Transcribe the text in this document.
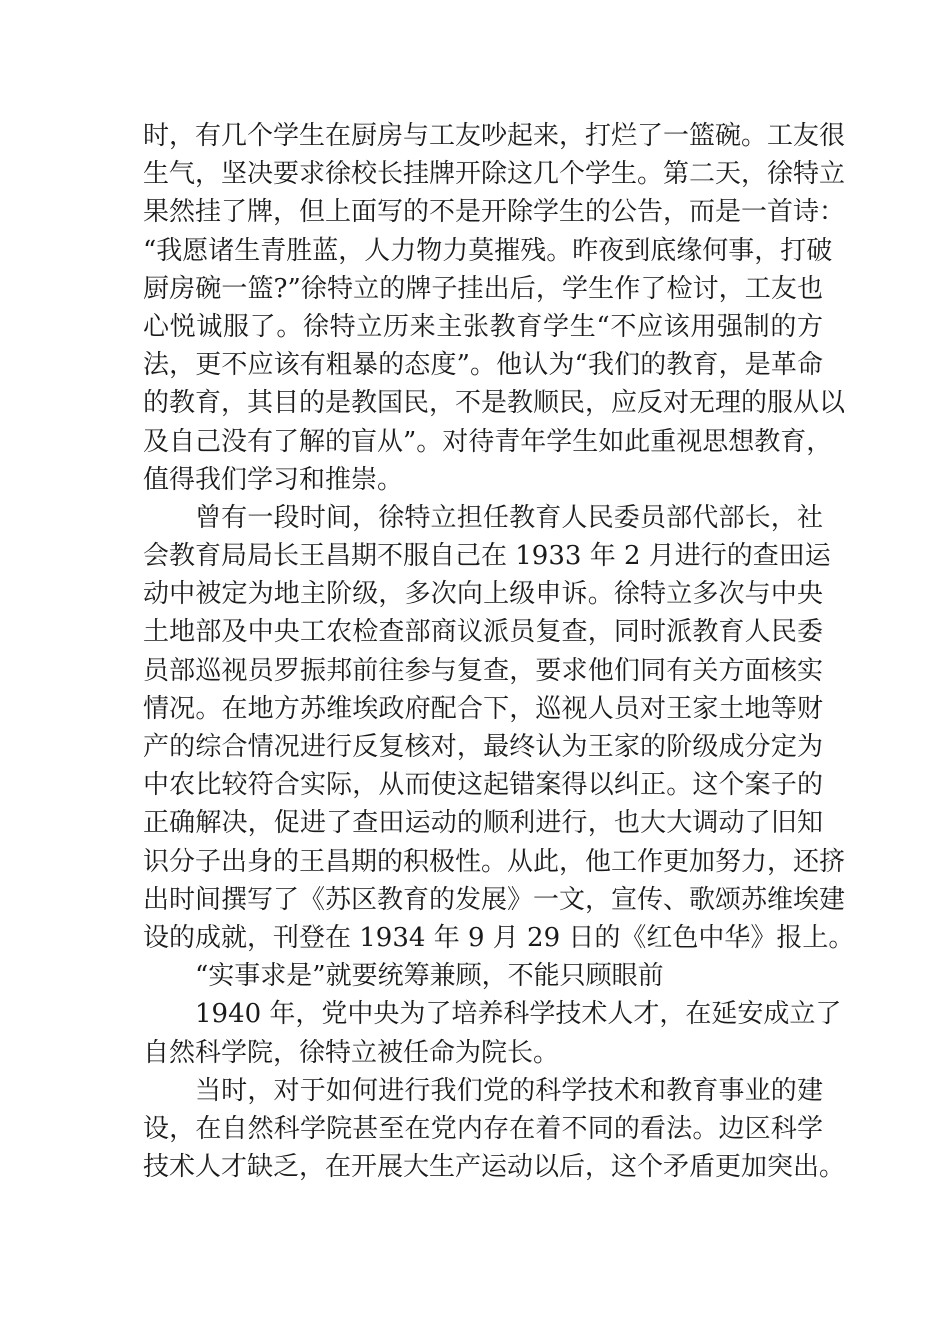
时，有几个学生在厨房与工友吵起来，打烂了一篮碗。工友很
生气，坚决要求徐校长挂牌开除这几个学生。第二天，徐特立
果然挂了牌，但上面写的不是开除学生的公告，而是一首诗：
“我愿诸生青胜蓝，人力物力莫摧残。昨夜到底缘何事，打破
厨房碗一篮?”徐特立的牌子挂出后，学生作了检讨，工友也
心悦诚服了。徐特立历来主张教育学生“不应该用强制的方
法，更不应该有粗暴的态度”。他认为“我们的教育，是革命
的教育，其目的是教国民，不是教顺民，应反对无理的服从以
及自己没有了解的盲从”。对待青年学生如此重视思想教育，
值得我们学习和推崇。
曾有一段时间，徐特立担任教育人民委员部代部长，社
会教育局局长王昌期不服自己在 1933 年 2 月进行的查田运
动中被定为地主阶级，多次向上级申诉。徐特立多次与中央
土地部及中央工农检查部商议派员复查，同时派教育人民委
员部巡视员罗振邦前往参与复查，要求他们同有关方面核实
情况。在地方苏维埃政府配合下，巡视人员对王家土地等财
产的综合情况进行反复核对，最终认为王家的阶级成分定为
中农比较符合实际，从而使这起错案得以纠正。这个案子的
正确解决，促进了查田运动的顺利进行，也大大调动了旧知
识分子出身的王昌期的积极性。从此，他工作更加努力，还挤
出时间撰写了《苏区教育的发展》一文，宣传、歌颂苏维埃建
设的成就，刊登在 1934 年 9 月 29 日的《红色中华》报上。
“实事求是”就要统筹兼顾，不能只顾眼前
1940 年，党中央为了培养科学技术人才，在延安成立了
自然科学院，徐特立被任命为院长。
当时，对于如何进行我们党的科学技术和教育事业的建
设，在自然科学院甚至在党内存在着不同的看法。边区科学
技术人才缺乏，在开展大生产运动以后，这个矛盾更加突出。
